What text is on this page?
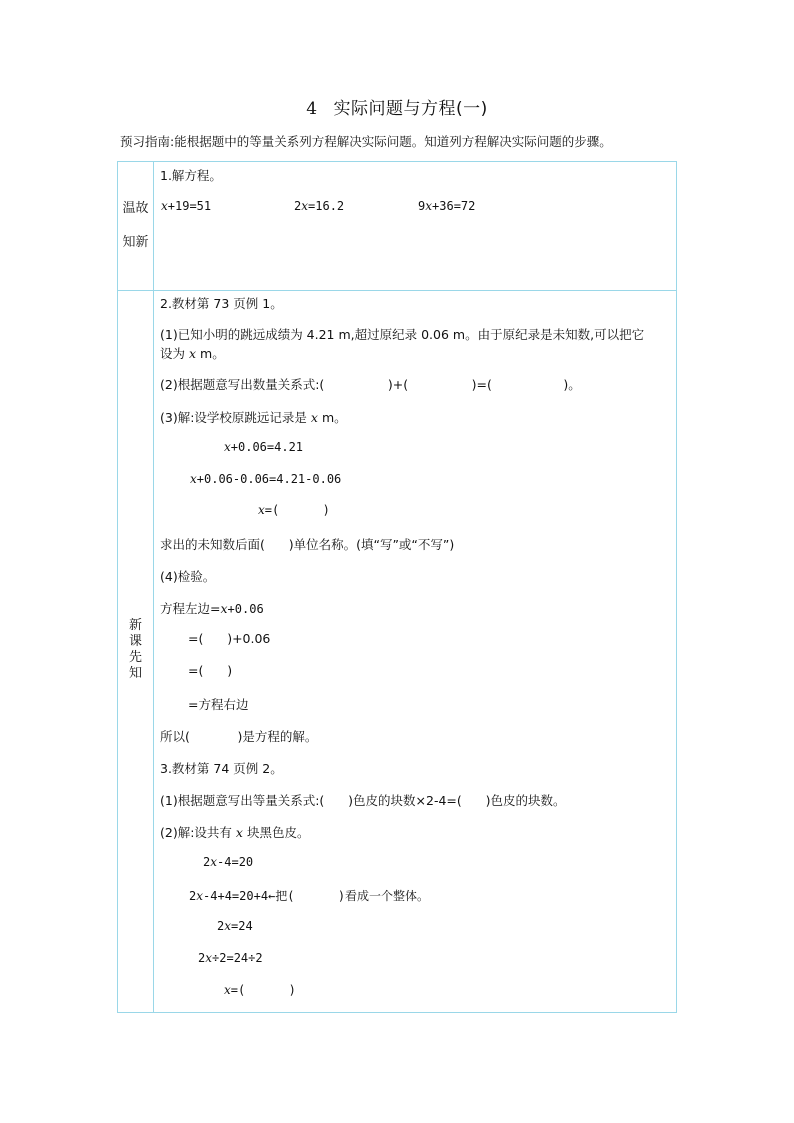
4 实际问题与方程(一)
预习指南:能根据题中的等量关系列方程解决实际问题。知道列方程解决实际问题的步骤。
温故
知新
1.解方程。
x+19=51	2x=16.2	9x+36=72
新
课
先
知
2.教材第 73 页例 1。
(1)已知小明的跳远成绩为 4.21 m,超过原纪录 0.06 m。由于原纪录是未知数,可以把它
设为 x m。
(2)根据题意写出数量关系式:(                )+(                )=(                  )。
(3)解:设学校原跳远记录是 x m。
x+0.06=4.21
x+0.06-0.06=4.21-0.06
x=(      )
求出的未知数后面(      )单位名称。(填“写”或“不写”)
(4)检验。
方程左边=x+0.06
=(      )+0.06
=(      )
=方程右边
所以(            )是方程的解。
3.教材第 74 页例 2。
(1)根据题意写出等量关系式:(      )色皮的块数×2-4=(      )色皮的块数。
(2)解:设共有 x 块黑色皮。
2x-4=20
2x-4+4=20+4←把(      )看成一个整体。
2x=24
2x÷2=24÷2
x=(      )
